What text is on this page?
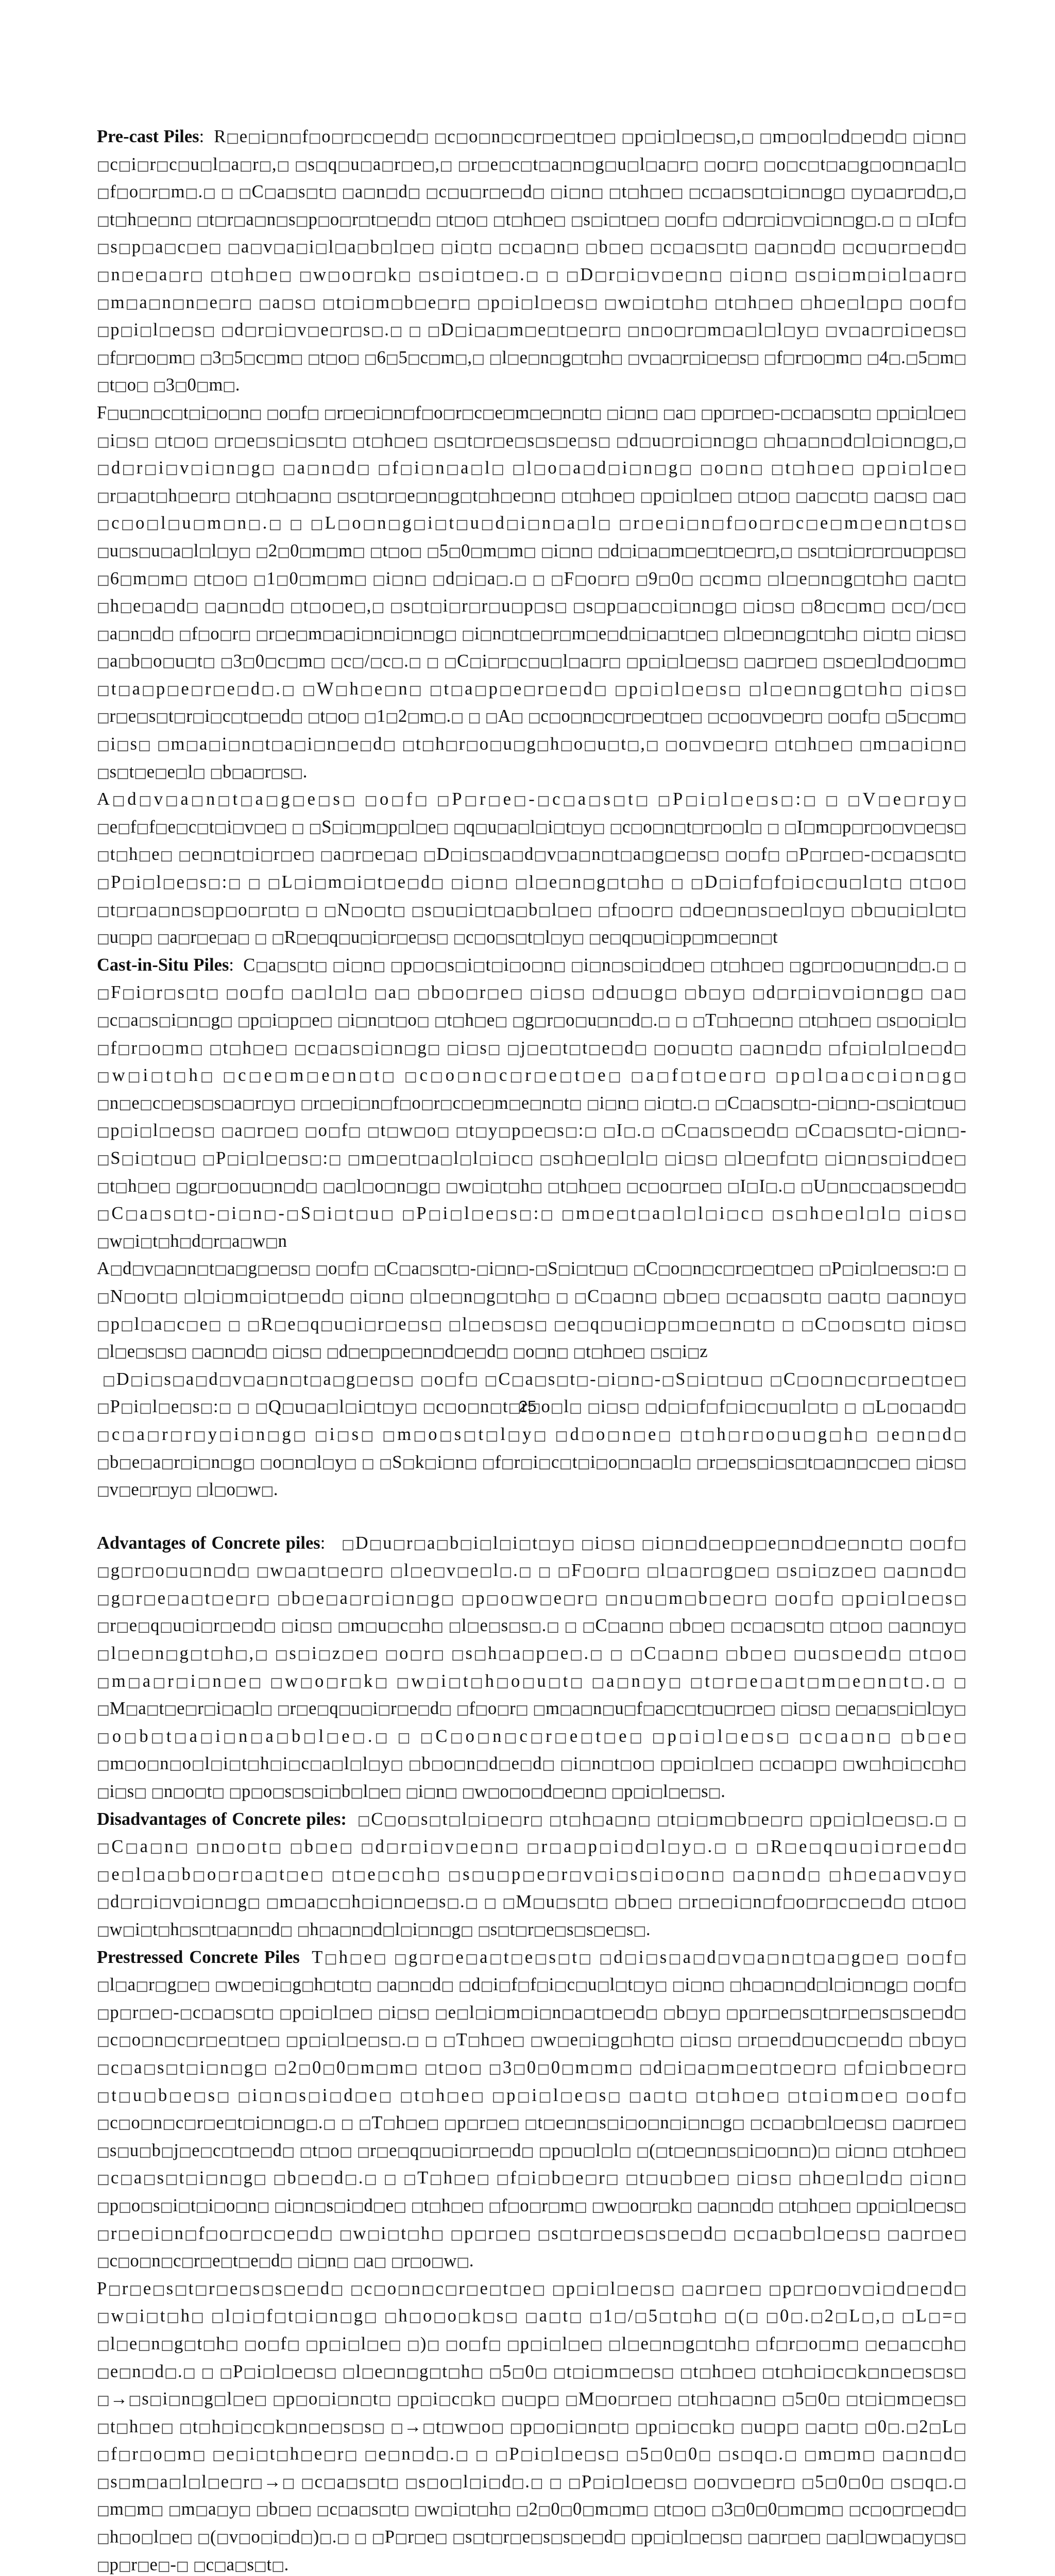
Pre-cast Piles:  R□e□i□n□f□o□r□c□e□d□ □c□o□n□c□r□e□t□e□ □p□i□l□e□s□,□ □m□o□l□d□e□d□ □i□n□ □c□i□r□c□u□l□a□r□,□ □s□q□u□a□r□e□,□ □r□e□c□t□a□n□g□u□l□a□r□ □o□r□ □o□c□t□a□g□o□n□a□l□ □f□o□r□m□.□ □ □C□a□s□t□ □a□n□d□ □c□u□r□e□d□ □i□n□ □t□h□e□ □c□a□s□t□i□n□g□ □y□a□r□d□,□ □t□h□e□n□ □t□r□a□n□s□p□o□r□t□e□d□ □t□o□ □t□h□e□ □s□i□t□e□ □o□f□ □d□r□i□v□i□n□g□.□ □ □I□f□ □s□p□a□c□e□ □a□v□a□i□l□a□b□l□e□ □i□t□ □c□a□n□ □b□e□ □c□a□s□t□ □a□n□d□ □c□u□r□e□d□ □n□e□a□r□ □t□h□e□ □w□o□r□k□ □s□i□t□e□.□ □ □D□r□i□v□e□n□ □i□n□ □s□i□m□i□l□a□r□ □m□a□n□n□e□r□ □a□s□ □t□i□m□b□e□r□ □p□i□l□e□s□ □w□i□t□h□ □t□h□e□ □h□e□l□p□ □o□f□ □p□i□l□e□s□ □d□r□i□v□e□r□s□.□ □ □D□i□a□m□e□t□e□r□ □n□o□r□m□a□l□l□y□ □v□a□r□i□e□s□ □f□r□o□m□ □3□5□c□m□ □t□o□ □6□5□c□m□,□ □l□e□n□g□t□h□ □v□a□r□i□e□s□ □f□r□o□m□ □4□.□5□m□ □t□o□ □3□0□m□.
F□u□n□c□t□i□o□n□ □o□f□ □r□e□i□n□f□o□r□c□e□m□e□n□t□ □i□n□ □a□ □p□r□e□-□c□a□s□t□ □p□i□l□e□ □i□s□ □t□o□ □r□e□s□i□s□t□ □t□h□e□ □s□t□r□e□s□s□e□s□ □d□u□r□i□n□g□ □h□a□n□d□l□i□n□g□,□ □d□r□i□v□i□n□g□ □a□n□d□ □f□i□n□a□l□ □l□o□a□d□i□n□g□ □o□n□ □t□h□e□ □p□i□l□e□ □r□a□t□h□e□r□ □t□h□a□n□ □s□t□r□e□n□g□t□h□e□n□ □t□h□e□ □p□i□l□e□ □t□o□ □a□c□t□ □a□s□ □a□ □c□o□l□u□m□n□.□ □ □L□o□n□g□i□t□u□d□i□n□a□l□ □r□e□i□n□f□o□r□c□e□m□e□n□t□s□ □u□s□u□a□l□l□y□ □2□0□m□m□ □t□o□ □5□0□m□m□ □i□n□ □d□i□a□m□e□t□e□r□,□ □s□t□i□r□r□u□p□s□ □6□m□m□ □t□o□ □1□0□m□m□ □i□n□ □d□i□a□.□ □ □F□o□r□ □9□0□ □c□m□ □l□e□n□g□t□h□ □a□t□ □h□e□a□d□ □a□n□d□ □t□o□e□,□ □s□t□i□r□r□u□p□s□ □s□p□a□c□i□n□g□ □i□s□ □8□c□m□ □c□/□c□ □a□n□d□ □f□o□r□ □r□e□m□a□i□n□i□n□g□ □i□n□t□e□r□m□e□d□i□a□t□e□ □l□e□n□g□t□h□ □i□t□ □i□s□ □a□b□o□u□t□ □3□0□c□m□ □c□/□c□.□ □ □C□i□r□c□u□l□a□r□ □p□i□l□e□s□ □a□r□e□ □s□e□l□d□o□m□ □t□a□p□e□r□e□d□.□ □W□h□e□n□ □t□a□p□e□r□e□d□ □p□i□l□e□s□ □l□e□n□g□t□h□ □i□s□ □r□e□s□t□r□i□c□t□e□d□ □t□o□ □1□2□m□.□ □ □A□ □c□o□n□c□r□e□t□e□ □c□o□v□e□r□ □o□f□ □5□c□m□ □i□s□ □m□a□i□n□t□a□i□n□e□d□ □t□h□r□o□u□g□h□o□u□t□,□ □o□v□e□r□ □t□h□e□ □m□a□i□n□ □s□t□e□e□l□ □b□a□r□s□.
A□d□v□a□n□t□a□g□e□s□ □o□f□ □P□r□e□-□c□a□s□t□ □P□i□l□e□s□:□ □ □V□e□r□y□ □e□f□f□e□c□t□i□v□e□ □ □S□i□m□p□l□e□ □q□u□a□l□i□t□y□ □c□o□n□t□r□o□l□ □ □I□m□p□r□o□v□e□s□ □t□h□e□ □e□n□t□i□r□e□ □a□r□e□a□ □D□i□s□a□d□v□a□n□t□a□g□e□s□ □o□f□ □P□r□e□-□c□a□s□t□ □P□i□l□e□s□:□ □ □L□i□m□i□t□e□d□ □i□n□ □l□e□n□g□t□h□ □ □D□i□f□f□i□c□u□l□t□ □t□o□ □t□r□a□n□s□p□o□r□t□ □ □N□o□t□ □s□u□i□t□a□b□l□e□ □f□o□r□ □d□e□n□s□e□l□y□ □b□u□i□l□t□ □u□p□ □a□r□e□a□ □ □R□e□q□u□i□r□e□s□ □c□o□s□t□l□y□ □e□q□u□i□p□m□e□n□t
Cast-in-Situ Piles:  C□a□s□t□ □i□n□ □p□o□s□i□t□i□o□n□ □i□n□s□i□d□e□ □t□h□e□ □g□r□o□u□n□d□.□ □ □F□i□r□s□t□ □o□f□ □a□l□l□ □a□ □b□o□r□e□ □i□s□ □d□u□g□ □b□y□ □d□r□i□v□i□n□g□ □a□ □c□a□s□i□n□g□ □p□i□p□e□ □i□n□t□o□ □t□h□e□ □g□r□o□u□n□d□.□ □ □T□h□e□n□ □t□h□e□ □s□o□i□l□ □f□r□o□m□ □t□h□e□ □c□a□s□i□n□g□ □i□s□ □j□e□t□t□e□d□ □o□u□t□ □a□n□d□ □f□i□l□l□e□d□ □w□i□t□h□ □c□e□m□e□n□t□ □c□o□n□c□r□e□t□e□ □a□f□t□e□r□ □p□l□a□c□i□n□g□ □n□e□c□e□s□s□a□r□y□ □r□e□i□n□f□o□r□c□e□m□e□n□t□ □i□n□ □i□t□.□ □C□a□s□t□-□i□n□-□s□i□t□u□ □p□i□l□e□s□ □a□r□e□ □o□f□ □t□w□o□ □t□y□p□e□s□:□ □I□.□ □C□a□s□e□d□ □C□a□s□t□-□i□n□-□S□i□t□u□ □P□i□l□e□s□:□ □m□e□t□a□l□l□i□c□ □s□h□e□l□l□ □i□s□ □l□e□f□t□ □i□n□s□i□d□e□ □t□h□e□ □g□r□o□u□n□d□ □a□l□o□n□g□ □w□i□t□h□ □t□h□e□ □c□o□r□e□ □I□I□.□ □U□n□c□a□s□e□d□ □C□a□s□t□-□i□n□-□S□i□t□u□ □P□i□l□e□s□:□ □m□e□t□a□l□l□i□c□ □s□h□e□l□l□ □i□s□ □w□i□t□h□d□r□a□w□n
A□d□v□a□n□t□a□g□e□s□ □o□f□ □C□a□s□t□-□i□n□-□S□i□t□u□ □C□o□n□c□r□e□t□e□ □P□i□l□e□s□:□ □ □N□o□t□ □l□i□m□i□t□e□d□ □i□n□ □l□e□n□g□t□h□ □ □C□a□n□ □b□e□ □c□a□s□t□ □a□t□ □a□n□y□ □p□l□a□c□e□ □ □R□e□q□u□i□r□e□s□ □l□e□s□s□ □e□q□u□i□p□m□e□n□t□ □ □C□o□s□t□ □i□s□ □l□e□s□s□ □a□n□d□ □i□s□ □d□e□p□e□n□d□e□d□ □o□n□ □t□h□e□ □s□i□z
□D□i□s□a□d□v□a□n□t□a□g□e□s□ □o□f□ □C□a□s□t□-□i□n□-□S□i□t□u□ □C□o□n□c□r□e□t□e□ □P□i□l□e□s□:□ □ □Q□u□a□l□i□t□y□ □c□o□n□t□r□o□l□ □i□s□ □d□i□f□f□i□c□u□l□t□ □ □L□o□a□d□ □c□a□r□r□y□i□n□g□ □i□s□ □m□o□s□t□l□y□ □d□o□n□e□ □t□h□r□o□u□g□h□ □e□n□d□ □b□e□a□r□i□n□g□ □o□n□l□y□ □ □S□k□i□n□ □f□r□i□c□t□i□o□n□a□l□ □r□e□s□i□s□t□a□n□c□e□ □i□s□ □v□e□r□y□ □l□o□w□.
Advantages of Concrete piles:   □D□u□r□a□b□i□l□i□t□y□ □i□s□ □i□n□d□e□p□e□n□d□e□n□t□ □o□f□ □g□r□o□u□n□d□ □w□a□t□e□r□ □l□e□v□e□l□.□ □ □F□o□r□ □l□a□r□g□e□ □s□i□z□e□ □a□n□d□ □g□r□e□a□t□e□r□ □b□e□a□r□i□n□g□ □p□o□w□e□r□ □n□u□m□b□e□r□ □o□f□ □p□i□l□e□s□ □r□e□q□u□i□r□e□d□ □i□s□ □m□u□c□h□ □l□e□s□s□.□ □ □C□a□n□ □b□e□ □c□a□s□t□ □t□o□ □a□n□y□ □l□e□n□g□t□h□,□ □s□i□z□e□ □o□r□ □s□h□a□p□e□.□ □ □C□a□n□ □b□e□ □u□s□e□d□ □t□o□ □m□a□r□i□n□e□ □w□o□r□k□ □w□i□t□h□o□u□t□ □a□n□y□ □t□r□e□a□t□m□e□n□t□.□ □ □M□a□t□e□r□i□a□l□ □r□e□q□u□i□r□e□d□ □f□o□r□ □m□a□n□u□f□a□c□t□u□r□e□ □i□s□ □e□a□s□i□l□y□ □o□b□t□a□i□n□a□b□l□e□.□ □ □C□o□n□c□r□e□t□e□ □p□i□l□e□s□ □c□a□n□ □b□e□ □m□o□n□o□l□i□t□h□i□c□a□l□l□y□ □b□o□n□d□e□d□ □i□n□t□o□ □p□i□l□e□ □c□a□p□ □w□h□i□c□h□ □i□s□ □n□o□t□ □p□o□s□s□i□b□l□e□ □i□n□ □w□o□o□d□e□n□ □p□i□l□e□s□.
Disadvantages of Concrete piles: □C□o□s□t□l□i□e□r□ □t□h□a□n□ □t□i□m□b□e□r□ □p□i□l□e□s□.□ □ □C□a□n□ □n□o□t□ □b□e□ □d□r□i□v□e□n□ □r□a□p□i□d□l□y□.□ □ □R□e□q□u□i□r□e□d□ □e□l□a□b□o□r□a□t□e□ □t□e□c□h□ □s□u□p□e□r□v□i□s□i□o□n□ □a□n□d□ □h□e□a□v□y□ □d□r□i□v□i□n□g□ □m□a□c□h□i□n□e□s□.□ □ □M□u□s□t□ □b□e□ □r□e□i□n□f□o□r□c□e□d□ □t□o□ □w□i□t□h□s□t□a□n□d□ □h□a□n□d□l□i□n□g□ □s□t□r□e□s□s□e□s□.
Prestressed Concrete Piles T□h□e□ □g□r□e□a□t□e□s□t□ □d□i□s□a□d□v□a□n□t□a□g□e□ □o□f□ □l□a□r□g□e□ □w□e□i□g□h□t□t□ □a□n□d□ □d□i□f□f□i□c□u□l□t□y□ □i□n□ □h□a□n□d□l□i□n□g□ □o□f□ □p□r□e□-□c□a□s□t□ □p□i□l□e□ □i□s□ □e□l□i□m□i□n□a□t□e□d□ □b□y□ □p□r□e□s□t□r□e□s□s□e□d□ □c□o□n□c□r□e□t□e□ □p□i□l□e□s□.□ □ □T□h□e□ □w□e□i□g□h□t□ □i□s□ □r□e□d□u□c□e□d□ □b□y□ □c□a□s□t□i□n□g□ □2□0□0□m□m□ □t□o□ □3□0□0□m□m□ □d□i□a□m□e□t□e□r□ □f□i□b□e□r□ □t□u□b□e□s□ □i□n□s□i□d□e□ □t□h□e□ □p□i□l□e□s□ □a□t□ □t□h□e□ □t□i□m□e□ □o□f□ □c□o□n□c□r□e□t□i□n□g□.□ □ □T□h□e□ □p□r□e□ □t□e□n□s□i□o□n□i□n□g□ □c□a□b□l□e□s□ □a□r□e□ □s□u□b□j□e□c□t□e□d□ □t□o□ □r□e□q□u□i□r□e□d□ □p□u□l□l□ □(□t□e□n□s□i□o□n□)□ □i□n□ □t□h□e□ □c□a□s□t□i□n□g□ □b□e□d□.□ □ □T□h□e□ □f□i□b□e□r□ □t□u□b□e□ □i□s□ □h□e□l□d□ □i□n□ □p□o□s□i□t□i□o□n□ □i□n□s□i□d□e□ □t□h□e□ □f□o□r□m□ □w□o□r□k□ □a□n□d□ □t□h□e□ □p□i□l□e□s□ □r□e□i□n□f□o□r□c□e□d□ □w□i□t□h□ □p□r□e□ □s□t□r□e□s□s□e□d□ □c□a□b□l□e□s□ □a□r□e□ □c□o□n□c□r□e□t□e□d□ □i□n□ □a□ □r□o□w□.
P□r□e□s□t□r□e□s□s□e□d□ □c□o□n□c□r□e□t□e□ □p□i□l□e□s□ □a□r□e□ □p□r□o□v□i□d□e□d□ □w□i□t□h□ □l□i□f□t□i□n□g□ □h□o□o□k□s□ □a□t□ □1□/□5□t□h□ □(□ □0□.□2□L□,□ □L□=□ □l□e□n□g□t□h□ □o□f□ □p□i□l□e□ □)□ □o□f□ □p□i□l□e□ □l□e□n□g□t□h□ □f□r□o□m□ □e□a□c□h□ □e□n□d□.□ □ □P□i□l□e□s□ □l□e□n□g□t□h□ □5□0□ □t□i□m□e□s□ □t□h□e□ □t□h□i□c□k□n□e□s□s□ □→□s□i□n□g□l□e□ □p□o□i□n□t□ □p□i□c□k□ □u□p□ □M□o□r□e□ □t□h□a□n□ □5□0□ □t□i□m□e□s□ □t□h□e□ □t□h□i□c□k□n□e□s□s□ □→□t□w□o□ □p□o□i□n□t□ □p□i□c□k□ □u□p□ □a□t□ □0□.□2□L□ □f□r□o□m□ □e□i□t□h□e□r□ □e□n□d□.□ □ □P□i□l□e□s□ □5□0□0□ □s□q□.□ □m□m□ □a□n□d□ □s□m□a□l□l□e□r□→□ □c□a□s□t□ □s□o□l□i□d□.□ □ □P□i□l□e□s□ □o□v□e□r□ □5□0□0□ □s□q□.□ □m□m□ □m□a□y□ □b□e□ □c□a□s□t□ □w□i□t□h□ □2□0□0□m□m□ □t□o□ □3□0□0□m□m□ □c□o□r□e□d□ □h□o□l□e□ □(□v□o□i□d□)□.□ □ □P□r□e□ □s□t□r□e□s□s□e□d□ □p□i□l□e□s□ □a□r□e□ □a□l□w□a□y□s□ □p□r□e□-□ □c□a□s□t□.

25
